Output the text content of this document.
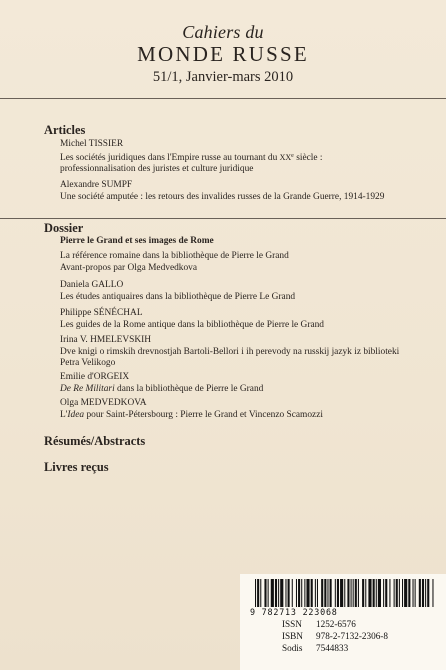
Cahiers du
MONDE RUSSE
51/1, Janvier-mars 2010
Articles
Michel TISSIER
Les sociétés juridiques dans l'Empire russe au tournant du XXe siècle :
professionnalisation des juristes et culture juridique
Alexandre SUMPF
Une société amputée : les retours des invalides russes de la Grande Guerre, 1914-1929
Dossier
Pierre le Grand et ses images de Rome
La référence romaine dans la bibliothèque de Pierre le Grand
Avant-propos par Olga Medvedkova
Daniela GALLO
Les études antiquaires dans la bibliothèque de Pierre Le Grand
Philippe SÉNÉCHAL
Les guides de la Rome antique dans la bibliothèque de Pierre le Grand
Irina V. HMELEVSKIH
Dve knigi o rimskih drevnostjah Bartoli-Bellori i ih perevody na russkij jazyk iz biblioteki
Petra Velikogo
Emilie d'ORGEIX
De Re Militari dans la bibliothèque de Pierre le Grand
Olga MEDVEDKOVA
L'Idea pour Saint-Pétersbourg : Pierre le Grand et Vincenzo Scamozzi
Résumés/Abstracts
Livres reçus
9 782713 223068
ISSN 1252-6576
ISBN 978-2-7132-2306-8
Sodis 7544833
